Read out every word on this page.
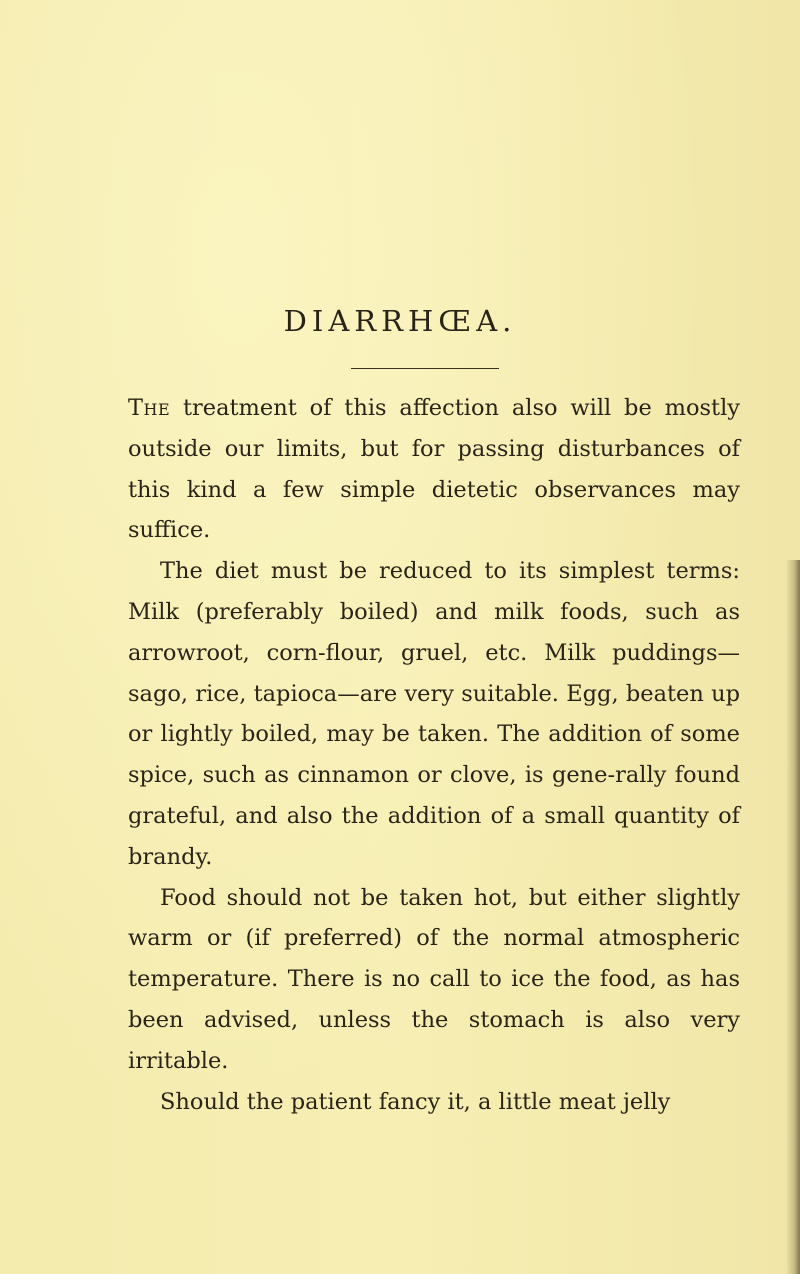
DIARRHŒA.

The treatment of this affection also will be mostly outside our limits, but for passing disturbances of this kind a few simple dietetic observances may suffice.

The diet must be reduced to its simplest terms: Milk (preferably boiled) and milk foods, such as arrowroot, corn-flour, gruel, etc. Milk puddings—sago, rice, tapioca—are very suitable. Egg, beaten up or lightly boiled, may be taken. The addition of some spice, such as cinnamon or clove, is gene-rally found grateful, and also the addition of a small quantity of brandy.

Food should not be taken hot, but either slightly warm or (if preferred) of the normal atmospheric temperature. There is no call to ice the food, as has been advised, unless the stomach is also very irritable.

Should the patient fancy it, a little meat jelly
